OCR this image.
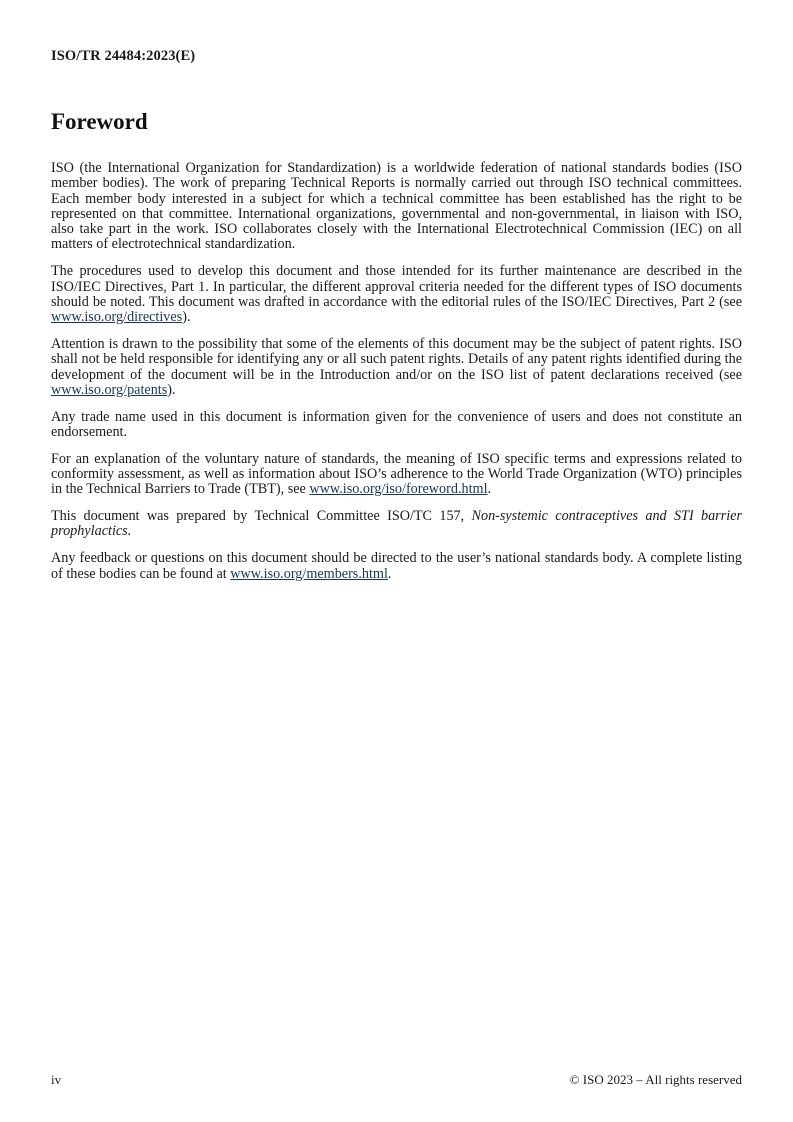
ISO/TR 24484:2023(E)
Foreword

ISO (the International Organization for Standardization) is a worldwide federation of national standards bodies (ISO member bodies). The work of preparing Technical Reports is normally carried out through ISO technical committees. Each member body interested in a subject for which a technical committee has been established has the right to be represented on that committee. International organizations, governmental and non-governmental, in liaison with ISO, also take part in the work. ISO collaborates closely with the International Electrotechnical Commission (IEC) on all matters of electrotechnical standardization.

The procedures used to develop this document and those intended for its further maintenance are described in the ISO/IEC Directives, Part 1. In particular, the different approval criteria needed for the different types of ISO documents should be noted. This document was drafted in accordance with the editorial rules of the ISO/IEC Directives, Part 2 (see www.iso.org/directives).

Attention is drawn to the possibility that some of the elements of this document may be the subject of patent rights. ISO shall not be held responsible for identifying any or all such patent rights. Details of any patent rights identified during the development of the document will be in the Introduction and/or on the ISO list of patent declarations received (see www.iso.org/patents).

Any trade name used in this document is information given for the convenience of users and does not constitute an endorsement.

For an explanation of the voluntary nature of standards, the meaning of ISO specific terms and expressions related to conformity assessment, as well as information about ISO’s adherence to the World Trade Organization (WTO) principles in the Technical Barriers to Trade (TBT), see www.iso.org/iso/foreword.html.

This document was prepared by Technical Committee ISO/TC 157, Non-systemic contraceptives and STI barrier prophylactics.

Any feedback or questions on this document should be directed to the user’s national standards body. A complete listing of these bodies can be found at www.iso.org/members.html.

iv	© ISO 2023 – All rights reserved
